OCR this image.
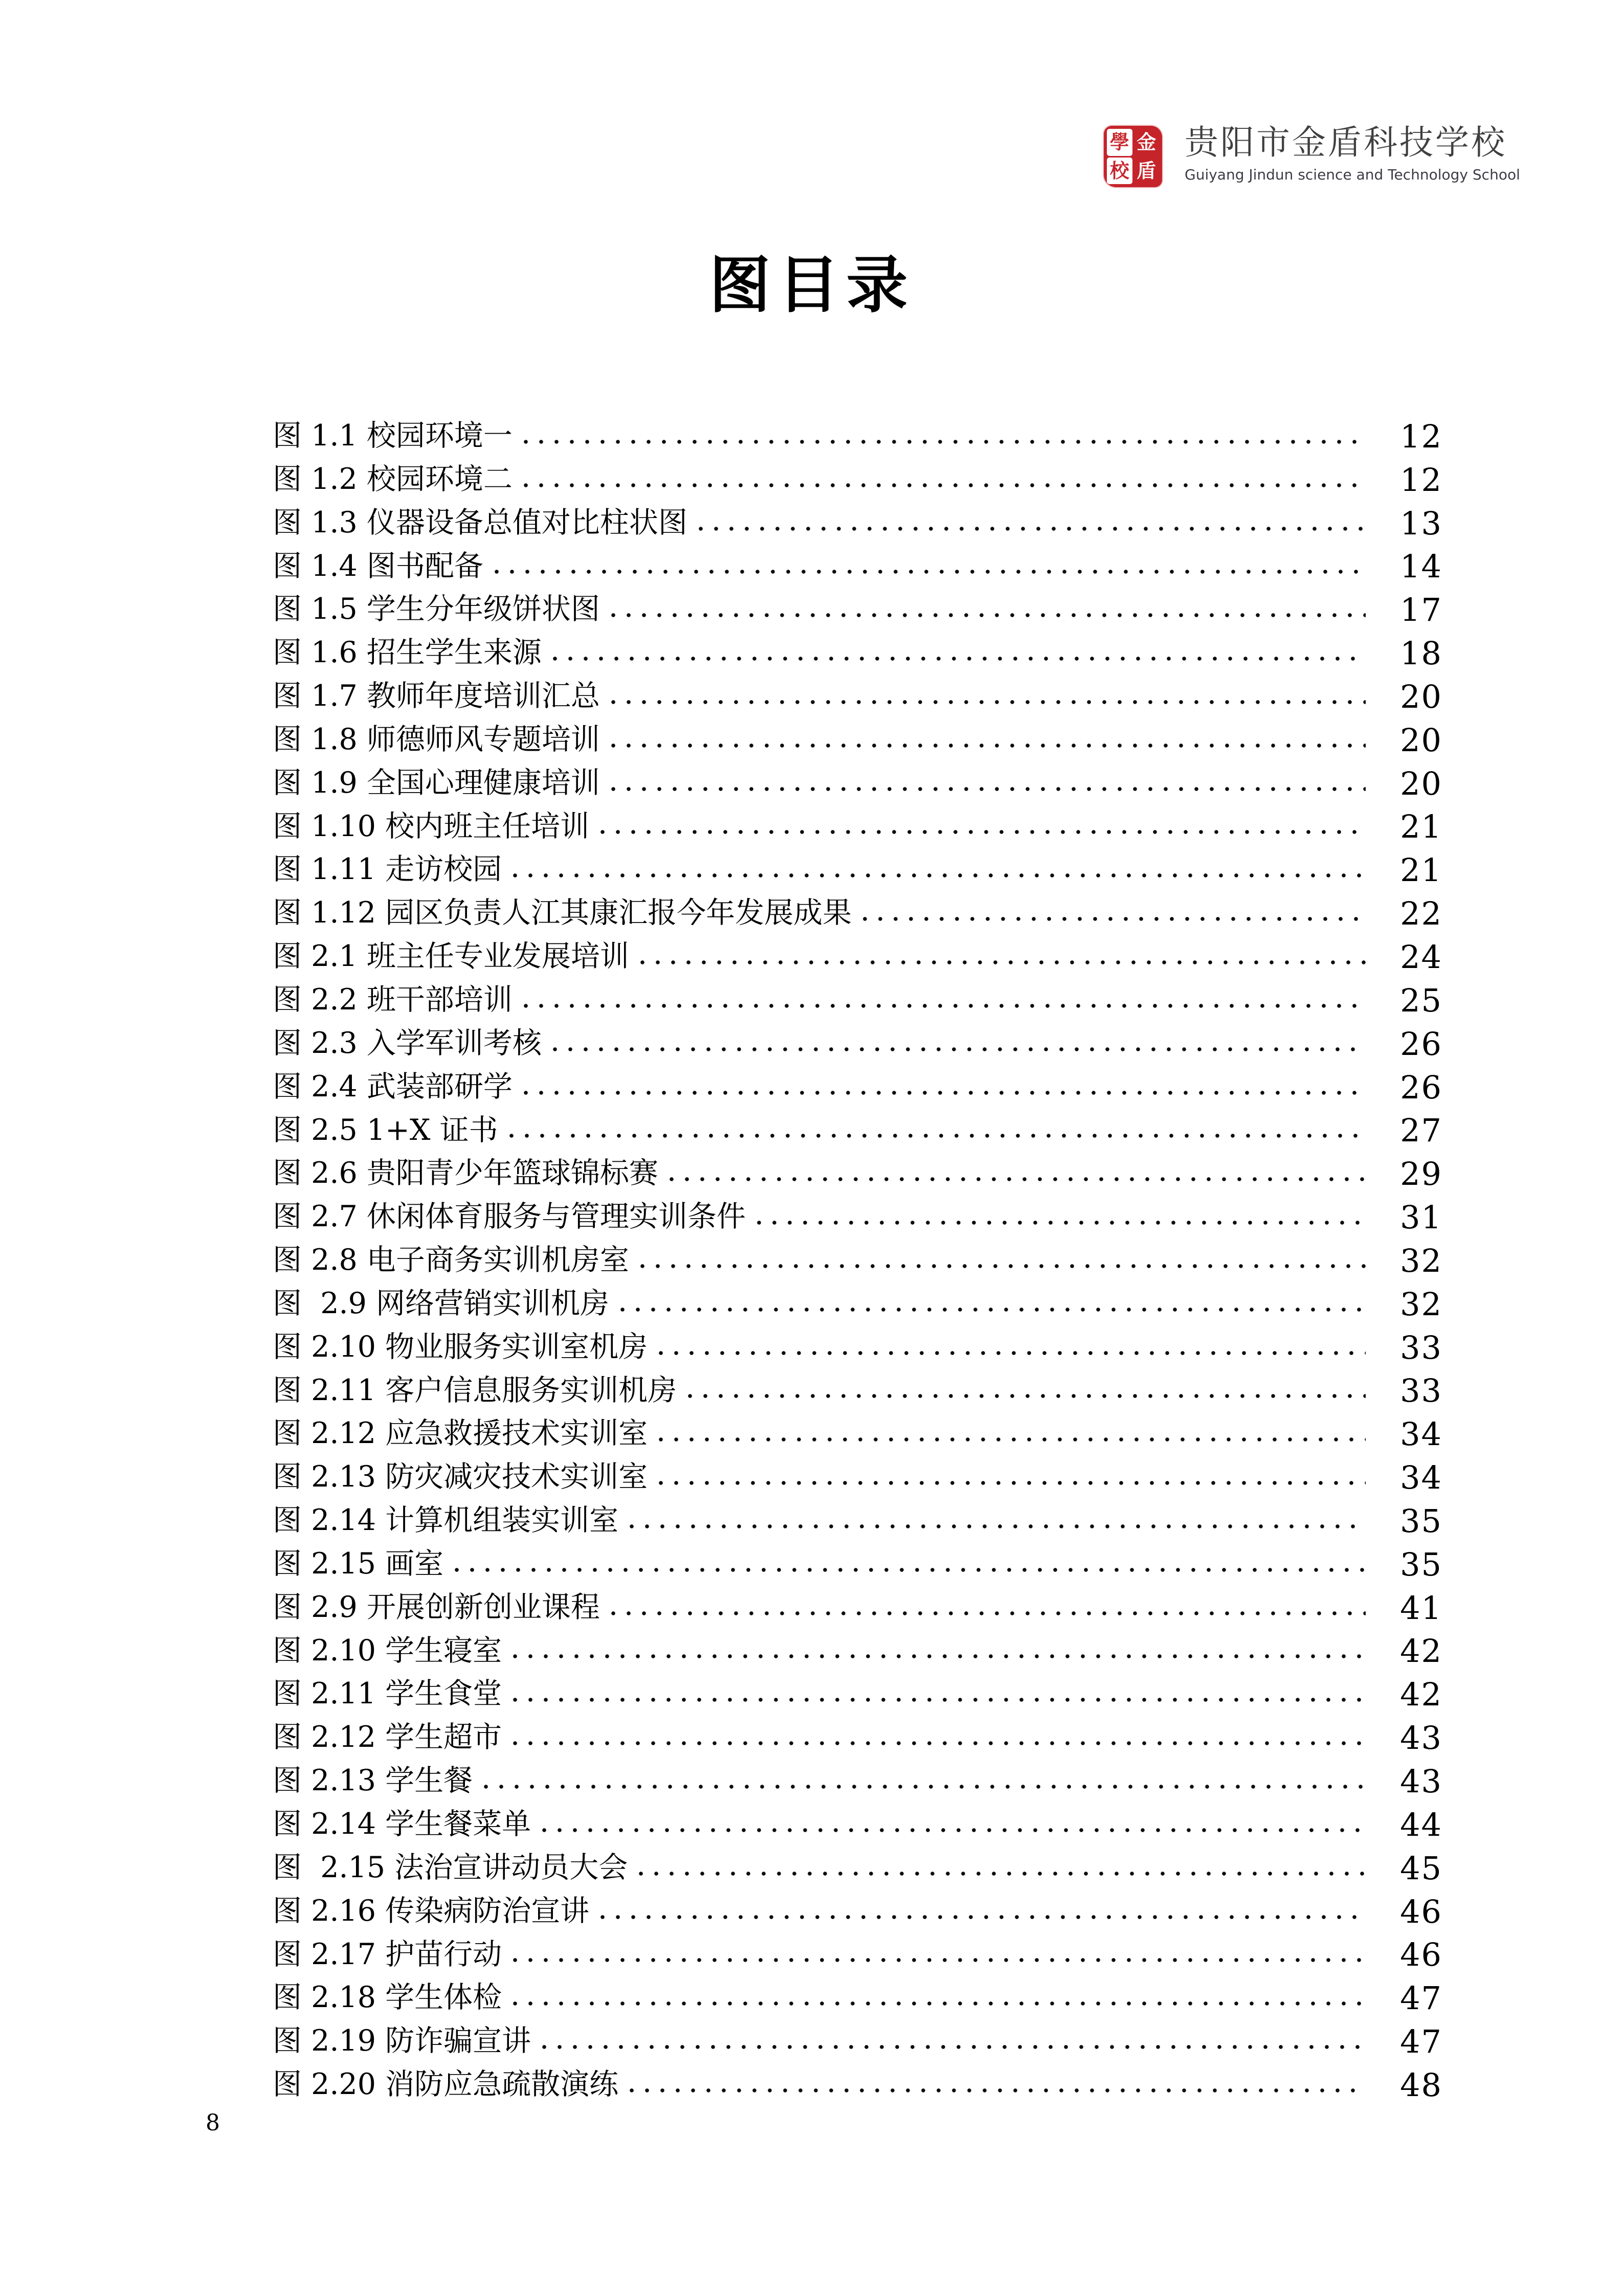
學 金
校 盾
贵阳市金盾科技学校
Guiyang Jindun science and Technology School
图目录
图 1.1 校园环境一	12
图 1.2 校园环境二	12
图 1.3 仪器设备总值对比柱状图	13
图 1.4 图书配备	14
图 1.5 学生分年级饼状图	17
图 1.6 招生学生来源	18
图 1.7 教师年度培训汇总	20
图 1.8 师德师风专题培训	20
图 1.9 全国心理健康培训	20
图 1.10 校内班主任培训	21
图 1.11 走访校园	21
图 1.12 园区负责人江其康汇报今年发展成果	22
图 2.1 班主任专业发展培训	24
图 2.2 班干部培训	25
图 2.3 入学军训考核	26
图 2.4 武装部研学	26
图 2.5 1+X 证书	27
图 2.6 贵阳青少年篮球锦标赛	29
图 2.7 休闲体育服务与管理实训条件	31
图 2.8 电子商务实训机房室	32
图  2.9 网络营销实训机房	32
图 2.10 物业服务实训室机房	33
图 2.11 客户信息服务实训机房	33
图 2.12 应急救援技术实训室	34
图 2.13 防灾减灾技术实训室	34
图 2.14 计算机组装实训室	35
图 2.15 画室	35
图 2.9 开展创新创业课程	41
图 2.10 学生寝室	42
图 2.11 学生食堂	42
图 2.12 学生超市	43
图 2.13 学生餐	43
图 2.14 学生餐菜单	44
图  2.15 法治宣讲动员大会	45
图 2.16 传染病防治宣讲	46
图 2.17 护苗行动	46
图 2.18 学生体检	47
图 2.19 防诈骗宣讲	47
图 2.20 消防应急疏散演练	48
8
